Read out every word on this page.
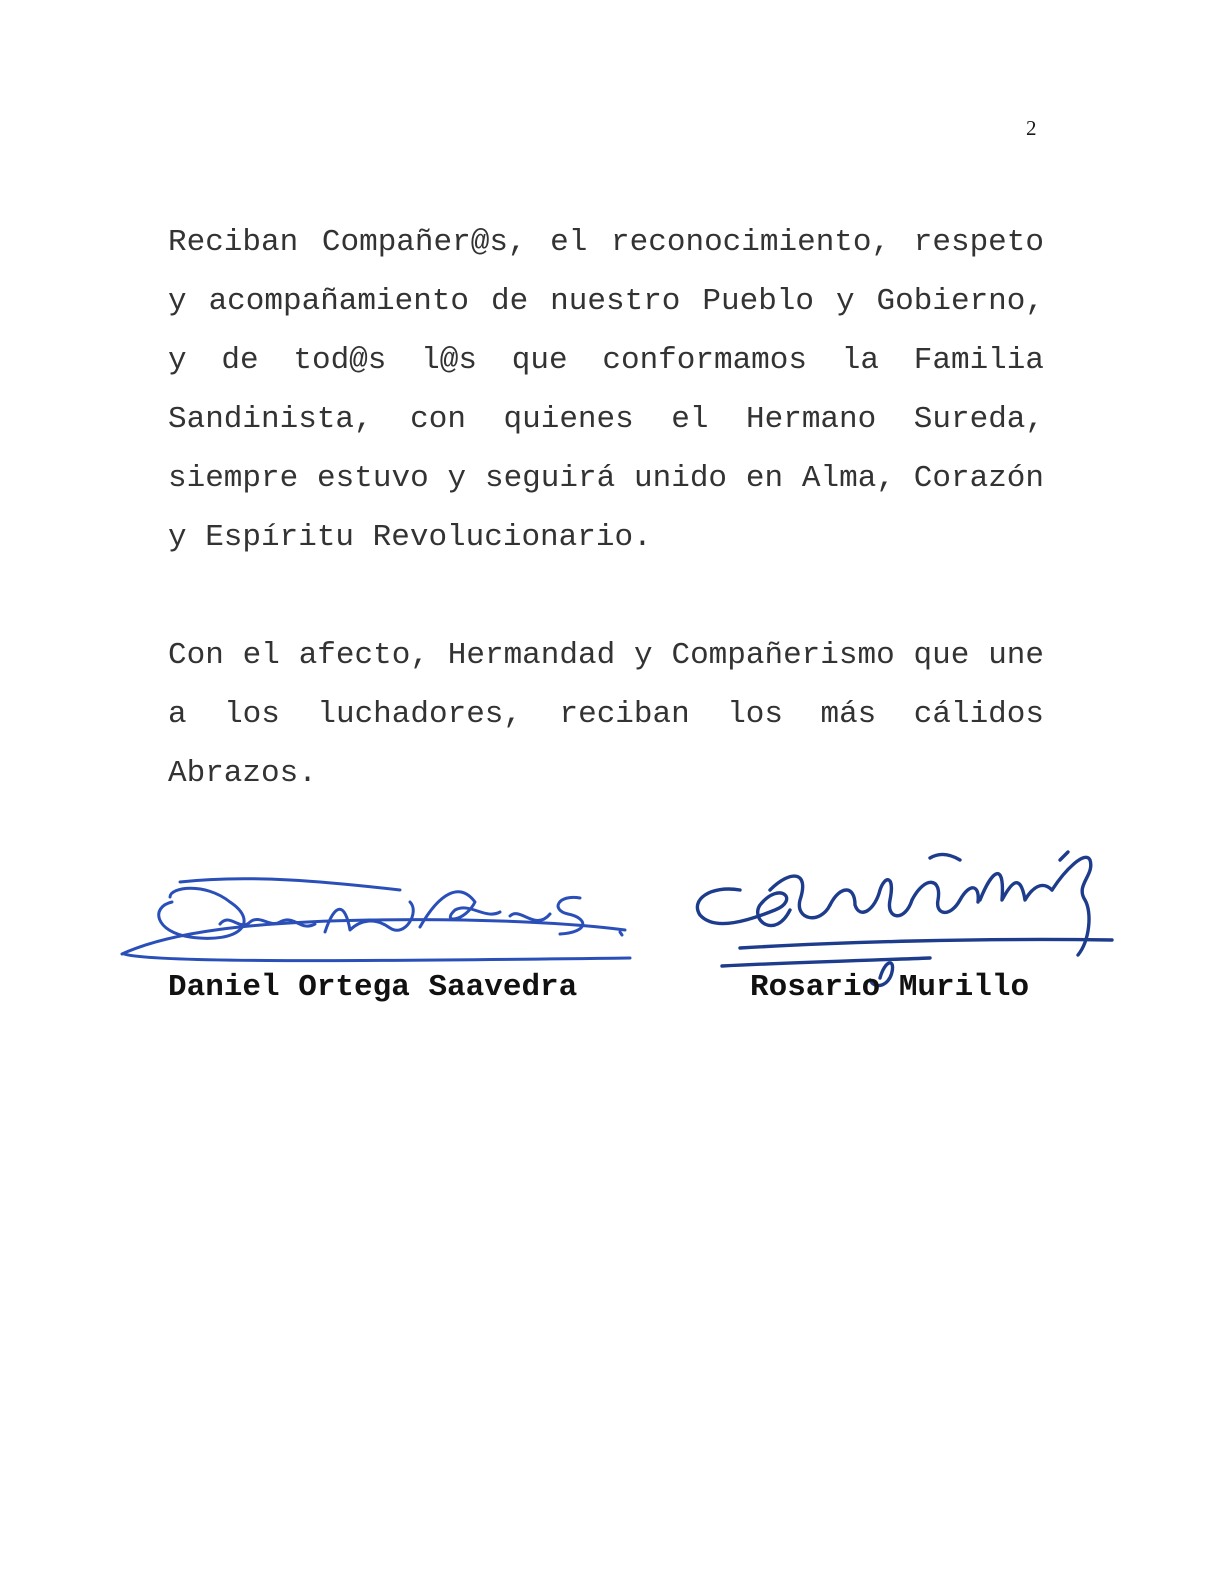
2

Reciban Compañer@s, el reconocimiento, respeto y acompañamiento de nuestro Pueblo y Gobierno, y de tod@s l@s que conformamos la Familia Sandinista, con quienes el Hermano Sureda, siempre estuvo y seguirá unido en Alma, Corazón y Espíritu Revolucionario.

Con el afecto, Hermandad y Compañerismo que une a los luchadores, reciban los más cálidos Abrazos.

Daniel Ortega Saavedra	Rosario Murillo
